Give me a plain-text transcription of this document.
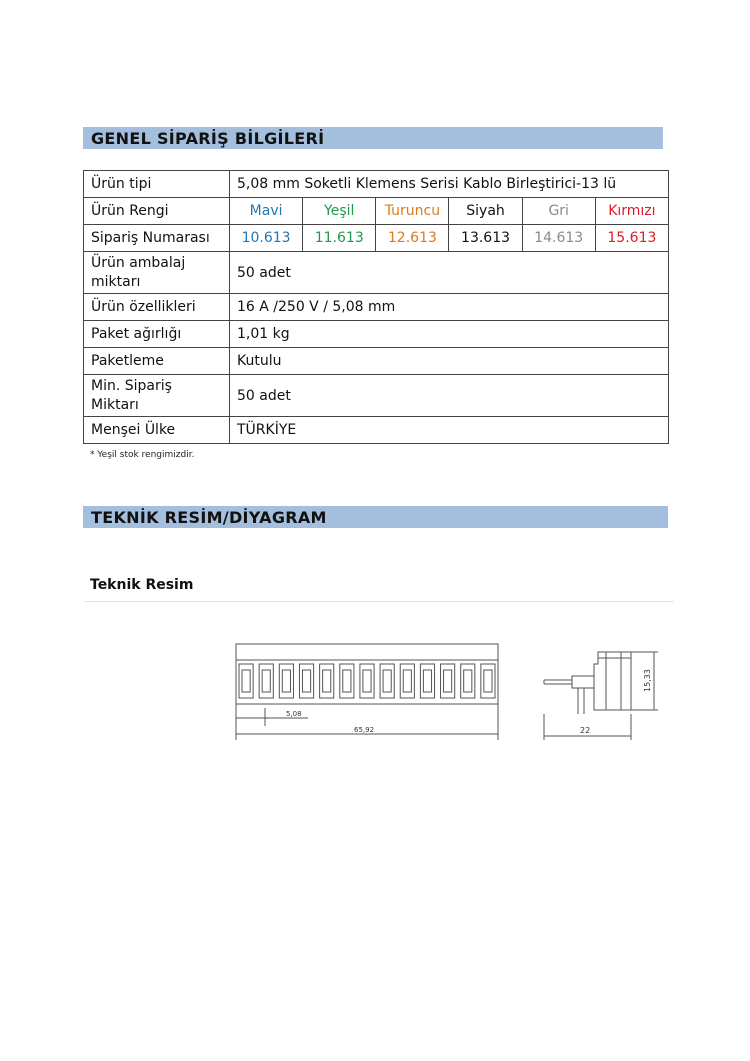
GENEL SİPARİŞ BİLGİLERİ
Ürün tipi	5,08 mm Soketli Klemens Serisi Kablo Birleştirici-13 lü					
Ürün Rengi	Mavi	Yeşil	Turuncu	Siyah	Gri	Kırmızı
Sipariş Numarası	10.613	11.613	12.613	13.613	14.613	15.613
Ürün ambalaj miktarı	50 adet					
Ürün özellikleri	16 A /250 V / 5,08 mm					
Paket ağırlığı	1,01 kg					
Paketleme	Kutulu					
Min. Sipariş Miktarı	50 adet					
Menşei Ülke	TÜRKİYE					
* Yeşil stok rengimizdir.
TEKNİK RESİM/DİYAGRAM
Teknik Resim
5,08
65,92
15,33
22
